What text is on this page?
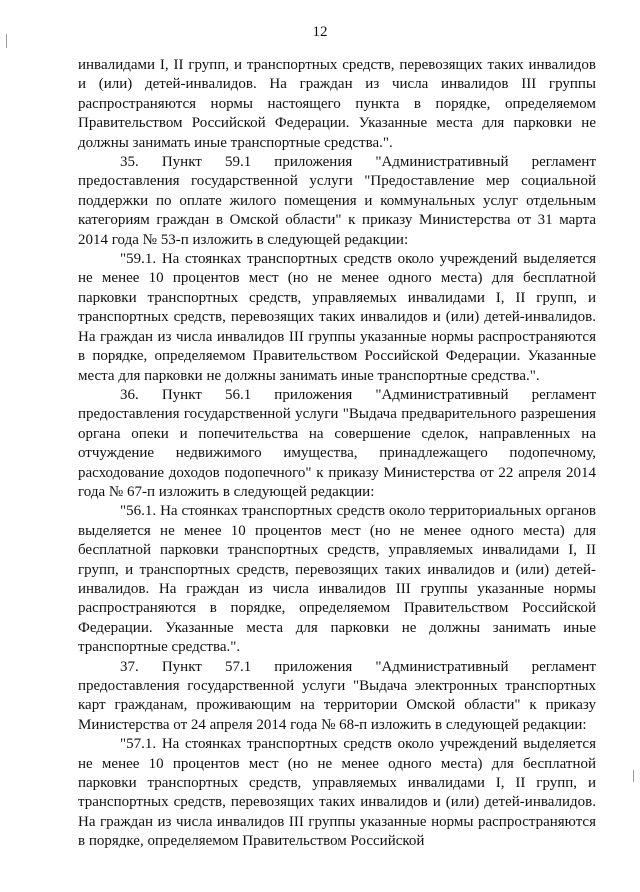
12

инвалидами I, II групп, и транспортных средств, перевозящих таких инвалидов и (или) детей-инвалидов. На граждан из числа инвалидов III группы распространяются нормы настоящего пункта в порядке, определяемом Правительством Российской Федерации. Указанные места для парковки не должны занимать иные транспортные средства.".

35. Пункт 59.1 приложения "Административный регламент предоставления государственной услуги "Предоставление мер социальной поддержки по оплате жилого помещения и коммунальных услуг отдельным категориям граждан в Омской области" к приказу Министерства от 31 марта 2014 года № 53-п изложить в следующей редакции:

"59.1. На стоянках транспортных средств около учреждений выделяется не менее 10 процентов мест (но не менее одного места) для бесплатной парковки транспортных средств, управляемых инвалидами I, II групп, и транспортных средств, перевозящих таких инвалидов и (или) детей-инвалидов. На граждан из числа инвалидов III группы указанные нормы распространяются в порядке, определяемом Правительством Российской Федерации. Указанные места для парковки не должны занимать иные транспортные средства.".

36. Пункт 56.1 приложения "Административный регламент предоставления государственной услуги "Выдача предварительного разрешения органа опеки и попечительства на совершение сделок, направленных на отчуждение недвижимого имущества, принадлежащего подопечному, расходование доходов подопечного" к приказу Министерства от 22 апреля 2014 года № 67-п изложить в следующей редакции:

"56.1. На стоянках транспортных средств около территориальных органов выделяется не менее 10 процентов мест (но не менее одного места) для бесплатной парковки транспортных средств, управляемых инвалидами I, II групп, и транспортных средств, перевозящих таких инвалидов и (или) детей-инвалидов. На граждан из числа инвалидов III группы указанные нормы распространяются в порядке, определяемом Правительством Российской Федерации. Указанные места для парковки не должны занимать иные транспортные средства.".

37. Пункт 57.1 приложения "Административный регламент предоставления государственной услуги "Выдача электронных транспортных карт гражданам, проживающим на территории Омской области" к приказу Министерства от 24 апреля 2014 года № 68-п изложить в следующей редакции:

"57.1. На стоянках транспортных средств около учреждений выделяется не менее 10 процентов мест (но не менее одного места) для бесплатной парковки транспортных средств, управляемых инвалидами I, II групп, и транспортных средств, перевозящих таких инвалидов и (или) детей-инвалидов. На граждан из числа инвалидов III группы указанные нормы распространяются в порядке, определяемом Правительством Российской
